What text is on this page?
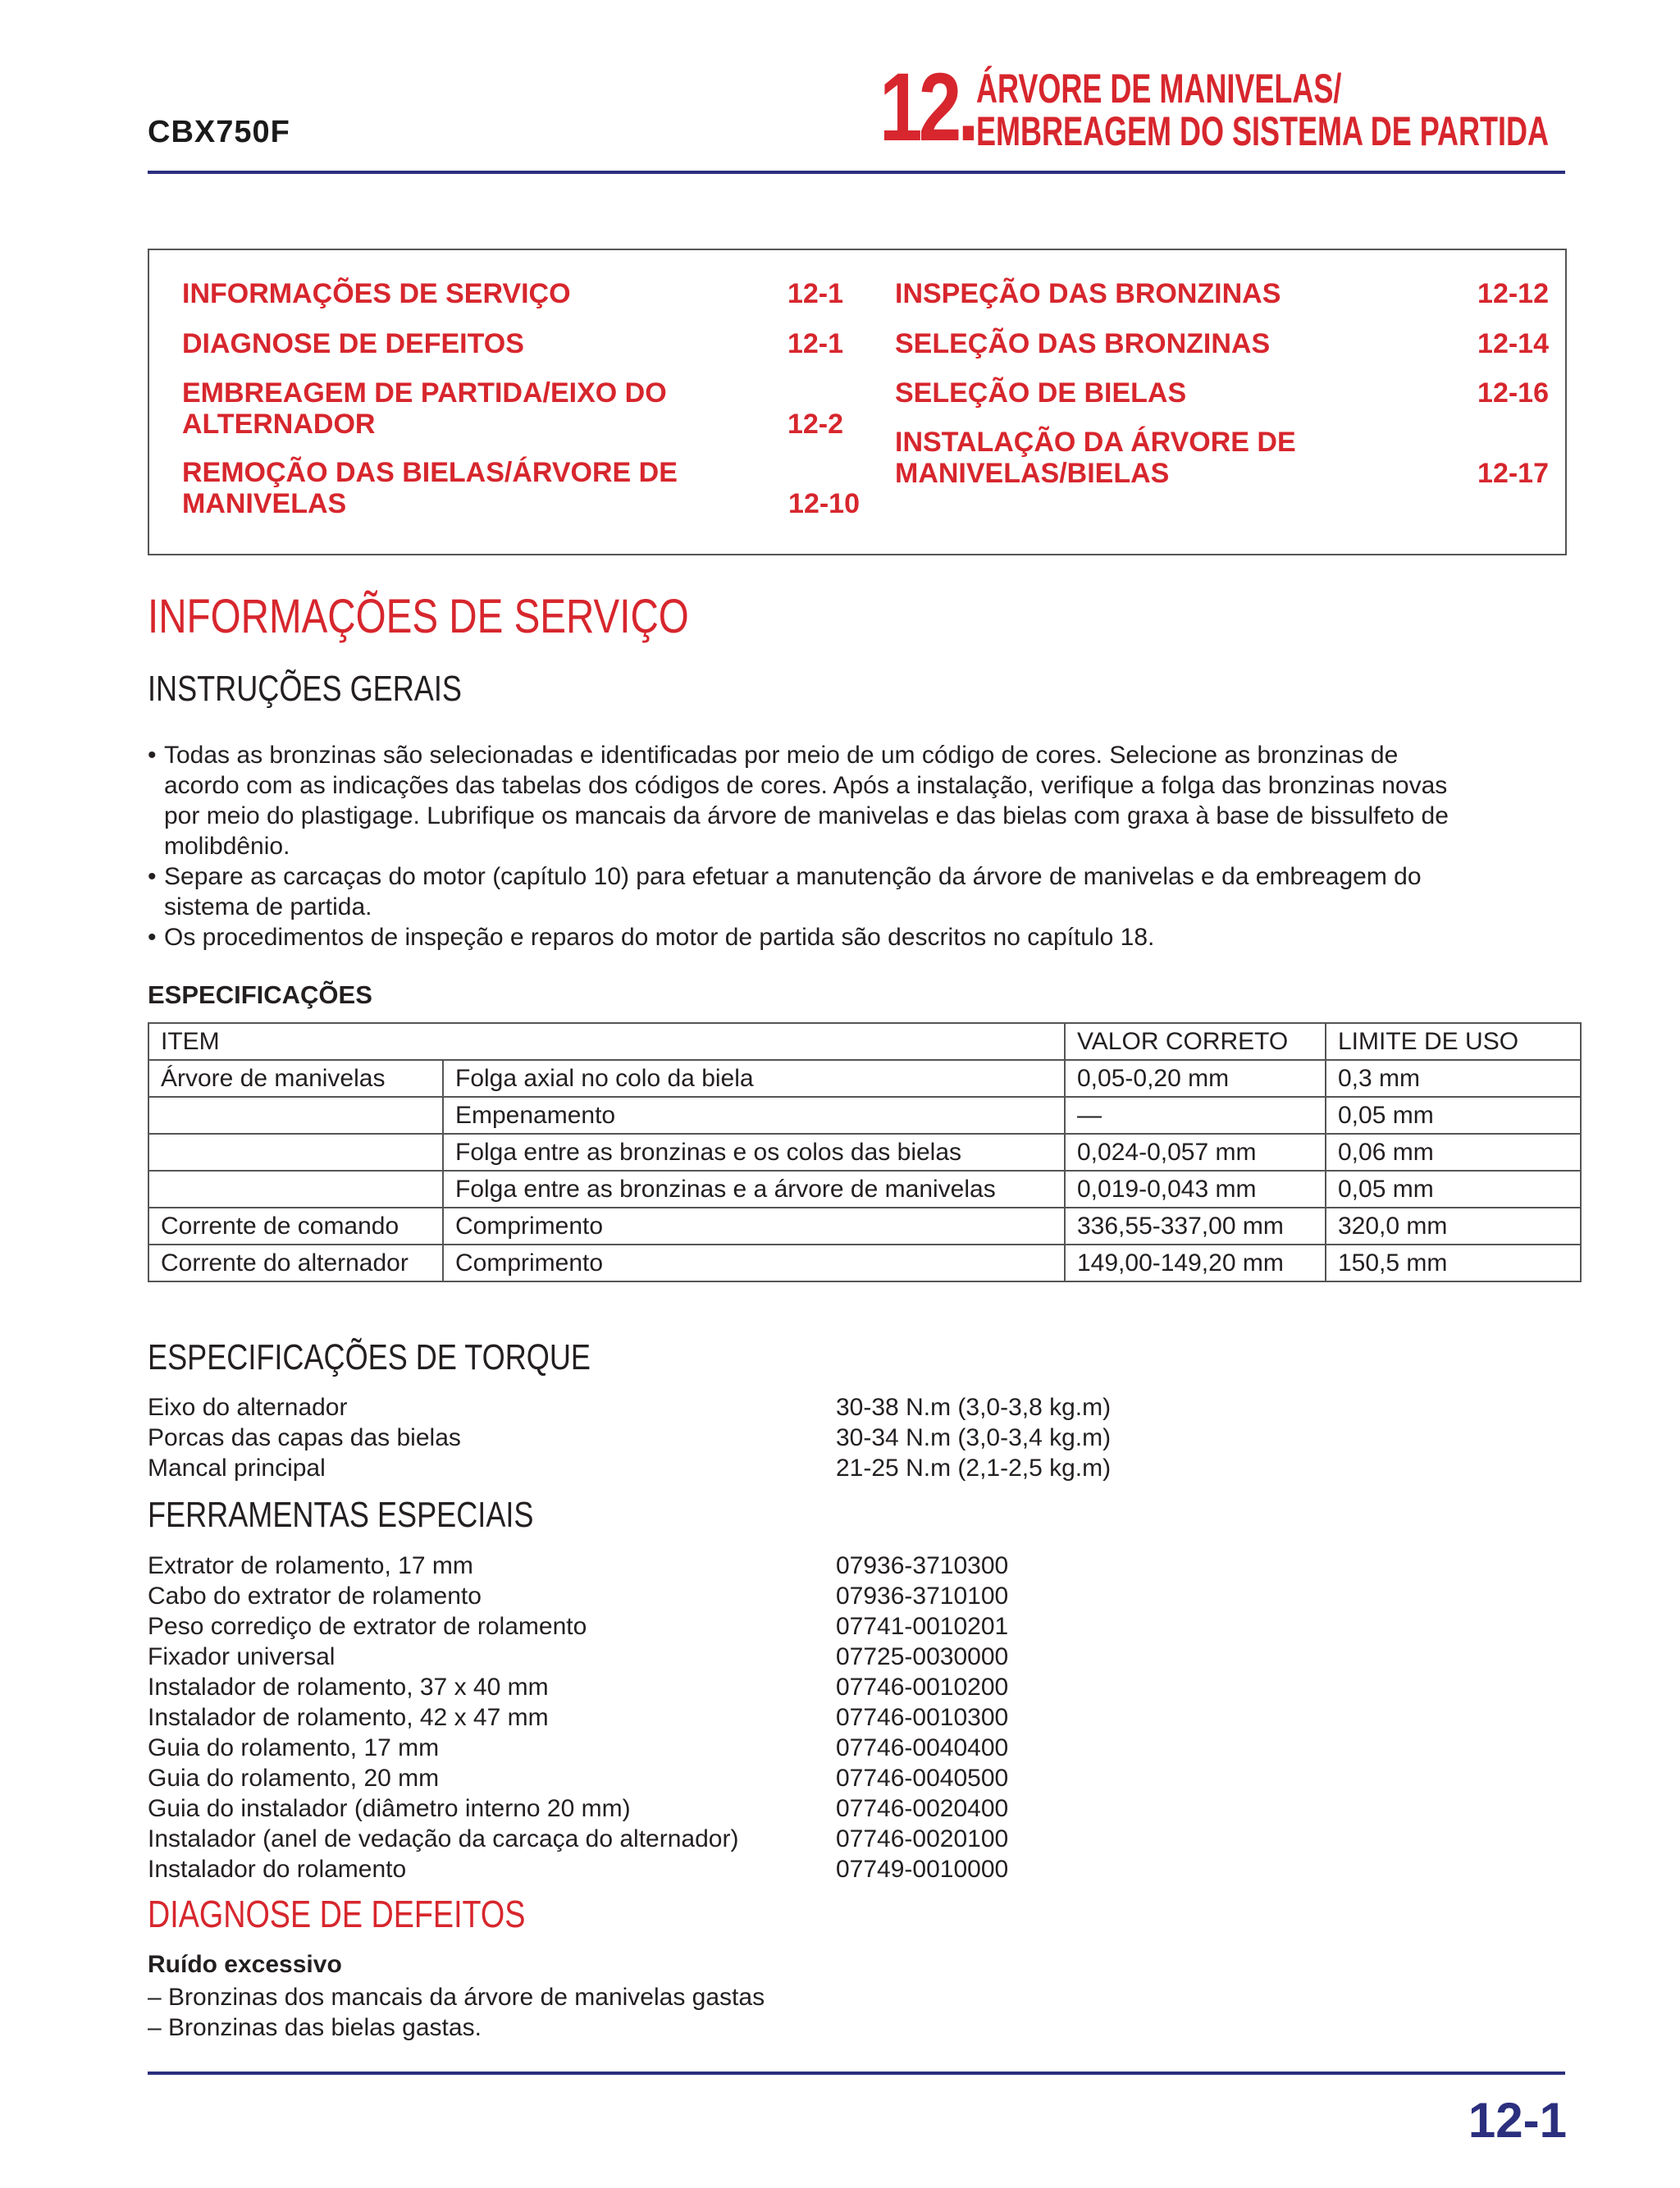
CBX750F	12. ÁRVORE DE MANIVELAS/
EMBREAGEM DO SISTEMA DE PARTIDA
INFORMAÇÕES DE SERVIÇO	12-1
DIAGNOSE DE DEFEITOS	12-1
EMBREAGEM DE PARTIDA/EIXO DO
ALTERNADOR	12-2
REMOÇÃO DAS BIELAS/ÁRVORE DE
MANIVELAS	12-10
INSPEÇÃO DAS BRONZINAS	12-12
SELEÇÃO DAS BRONZINAS	12-14
SELEÇÃO DE BIELAS	12-16
INSTALAÇÃO DA ÁRVORE DE
MANIVELAS/BIELAS	12-17
INFORMAÇÕES DE SERVIÇO
INSTRUÇÕES GERAIS

• Todas as bronzinas são selecionadas e identificadas por meio de um código de cores. Selecione as bronzinas de
acordo com as indicações das tabelas dos códigos de cores. Após a instalação, verifique a folga das bronzinas novas
por meio do plastigage. Lubrifique os mancais da árvore de manivelas e das bielas com graxa à base de bissulfeto de
molibdênio.

• Separe as carcaças do motor (capítulo 10) para efetuar a manutenção da árvore de manivelas e da embreagem do
sistema de partida.

• Os procedimentos de inspeção e reparos do motor de partida são descritos no capítulo 18.

ESPECIFICAÇÕES
ITEM		VALOR CORRETO	LIMITE DE USO
Árvore de manivelas	Folga axial no colo da biela	0,05-0,20 mm	0,3 mm
	Empenamento	—	0,05 mm
	Folga entre as bronzinas e os colos das bielas	0,024-0,057 mm	0,06 mm
	Folga entre as bronzinas e a árvore de manivelas	0,019-0,043 mm	0,05 mm
Corrente de comando	Comprimento	336,55-337,00 mm	320,0 mm
Corrente do alternador	Comprimento	149,00-149,20 mm	150,5 mm
ESPECIFICAÇÕES DE TORQUE
Eixo do alternador	30-38 N.m (3,0-3,8 kg.m)
Porcas das capas das bielas	30-34 N.m (3,0-3,4 kg.m)
Mancal principal	21-25 N.m (2,1-2,5 kg.m)
FERRAMENTAS ESPECIAIS
Extrator de rolamento, 17 mm	07936-3710300
Cabo do extrator de rolamento	07936-3710100
Peso corrediço de extrator de rolamento	07741-0010201
Fixador universal	07725-0030000
Instalador de rolamento, 37 x 40 mm	07746-0010200
Instalador de rolamento, 42 x 47 mm	07746-0010300
Guia do rolamento, 17 mm	07746-0040400
Guia do rolamento, 20 mm	07746-0040500
Guia do instalador (diâmetro interno 20 mm)	07746-0020400
Instalador (anel de vedação da carcaça do alternador)	07746-0020100
Instalador do rolamento	07749-0010000
DIAGNOSE DE DEFEITOS
Ruído excessivo
– Bronzinas dos mancais da árvore de manivelas gastas
– Bronzinas das bielas gastas.
12-1
